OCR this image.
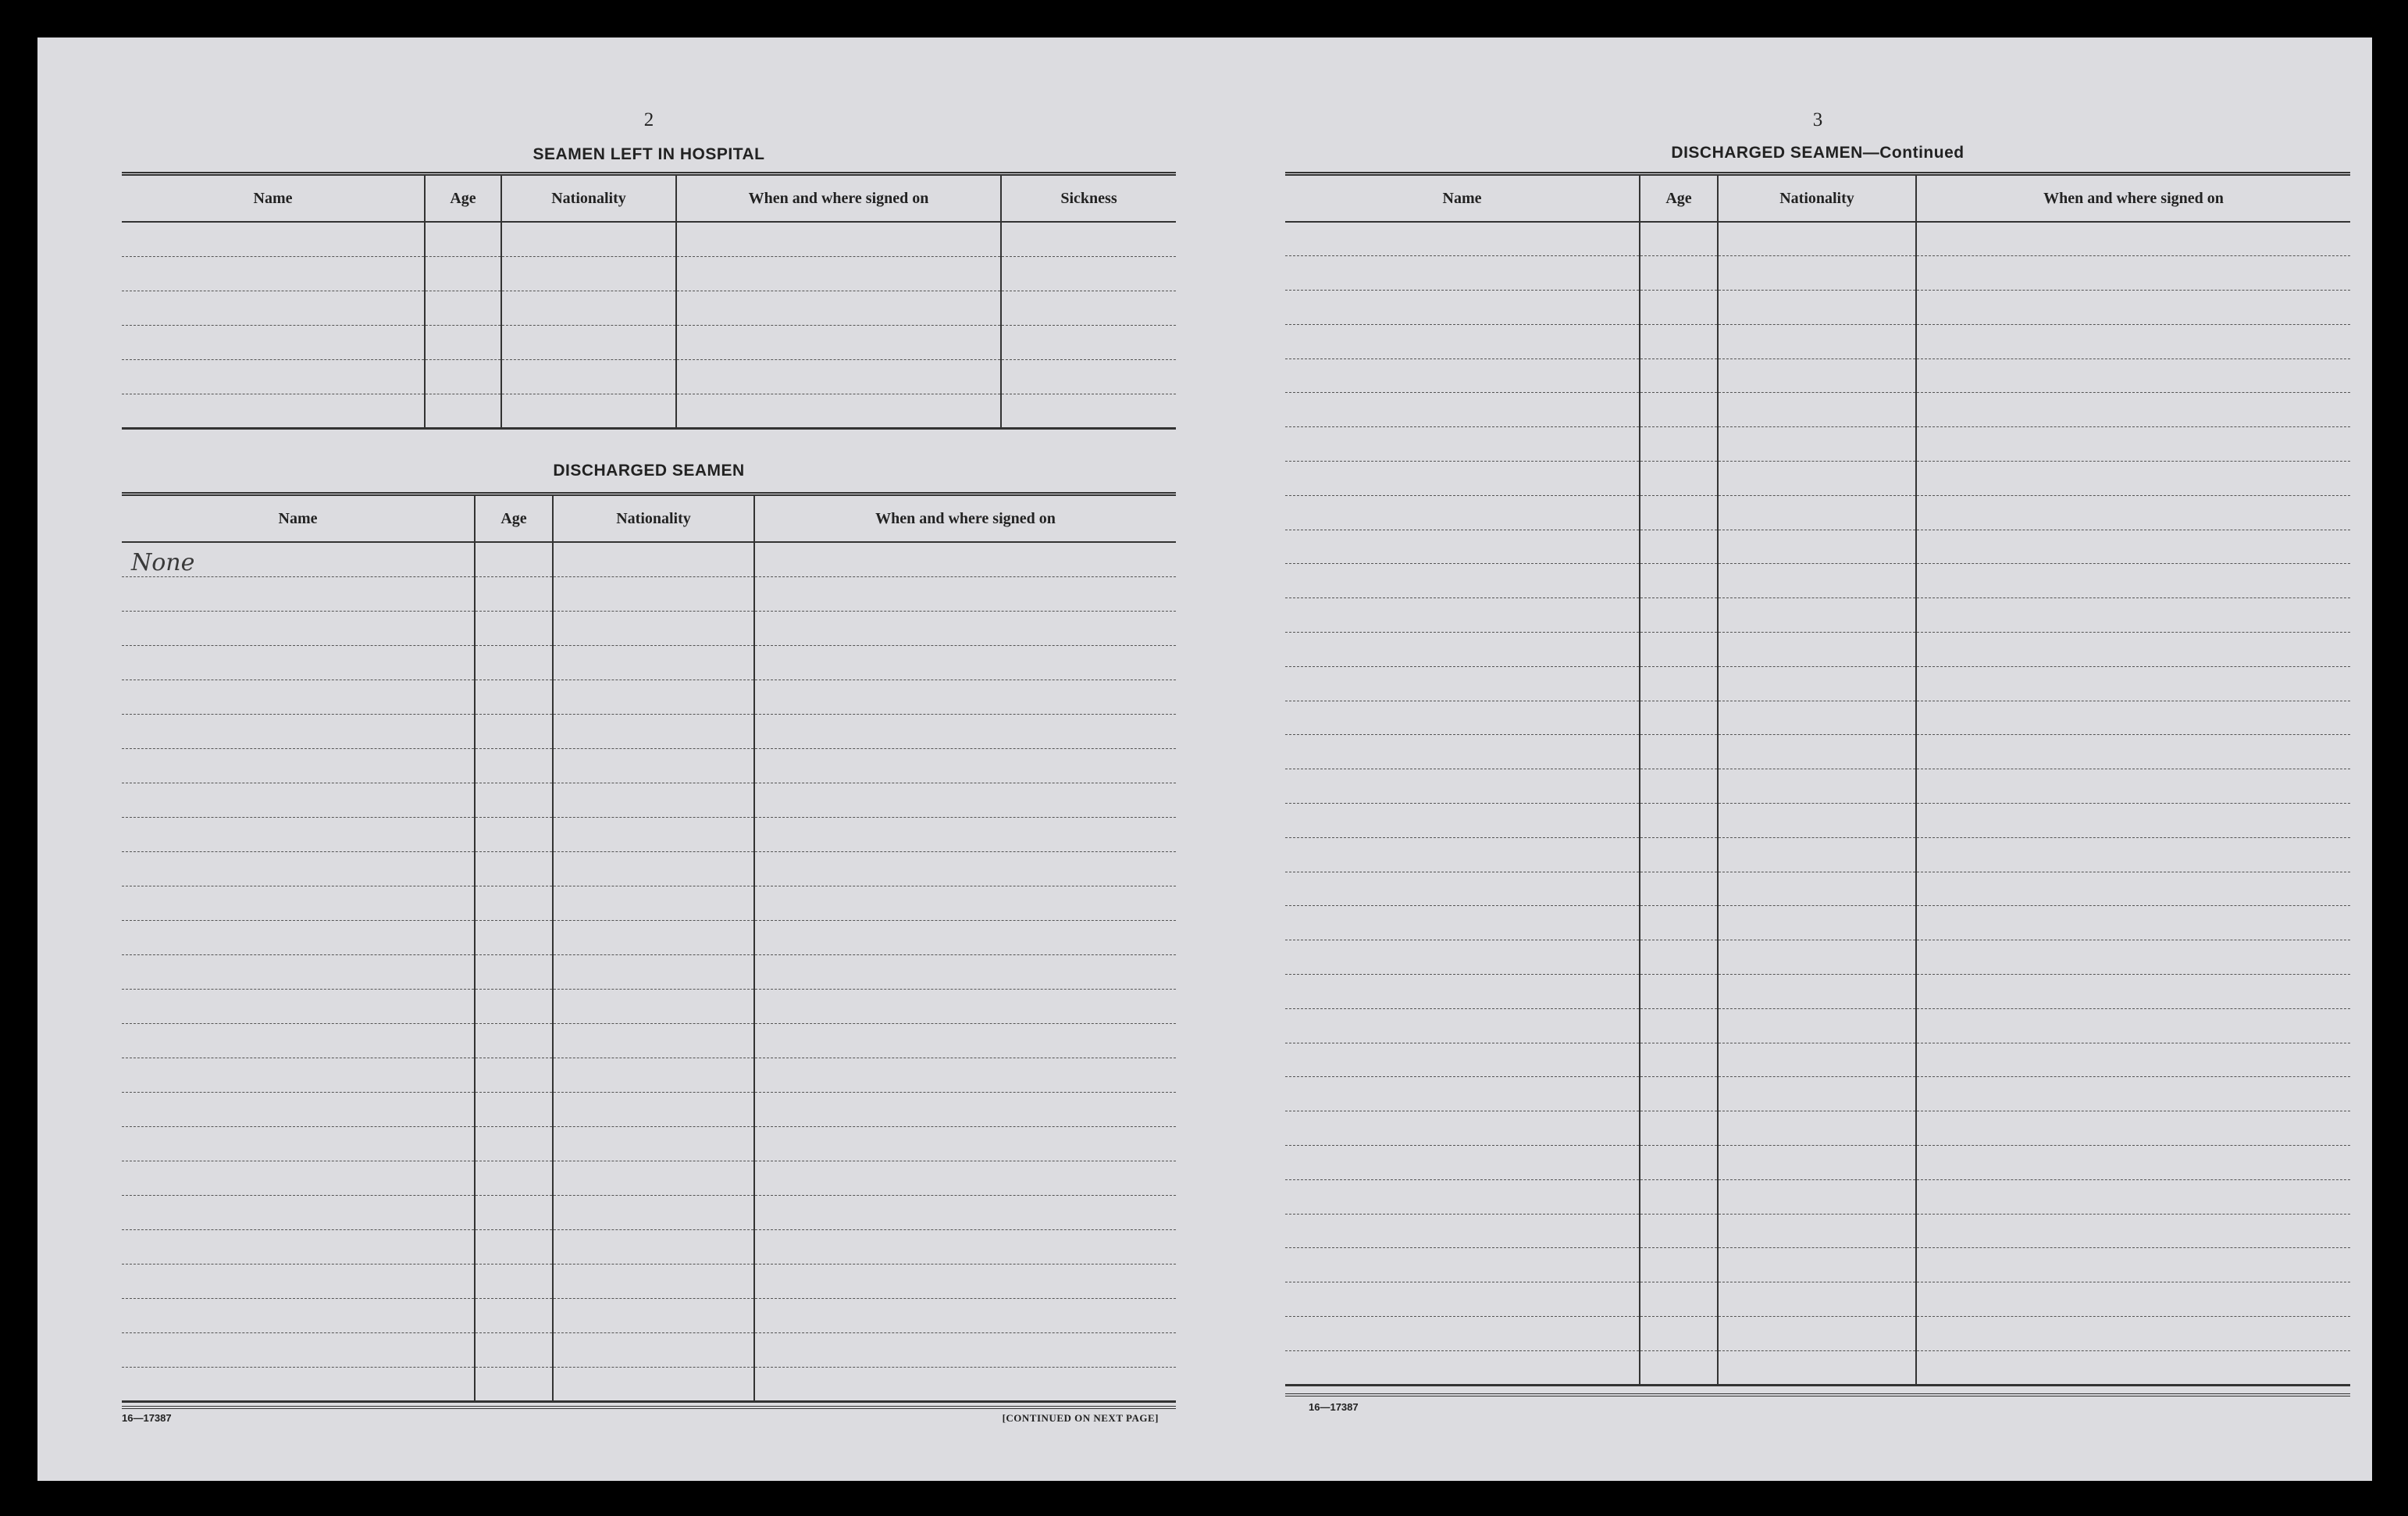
2
SEAMEN LEFT IN HOSPITAL
Name	Age	Nationality	When and where signed on	Sickness

DISCHARGED SEAMEN
Name	Age	Nationality	When and where signed on
None			

16—17387	[CONTINUED ON NEXT PAGE]
3
DISCHARGED SEAMEN—Continued
Name	Age	Nationality	When and where signed on

16—17387
